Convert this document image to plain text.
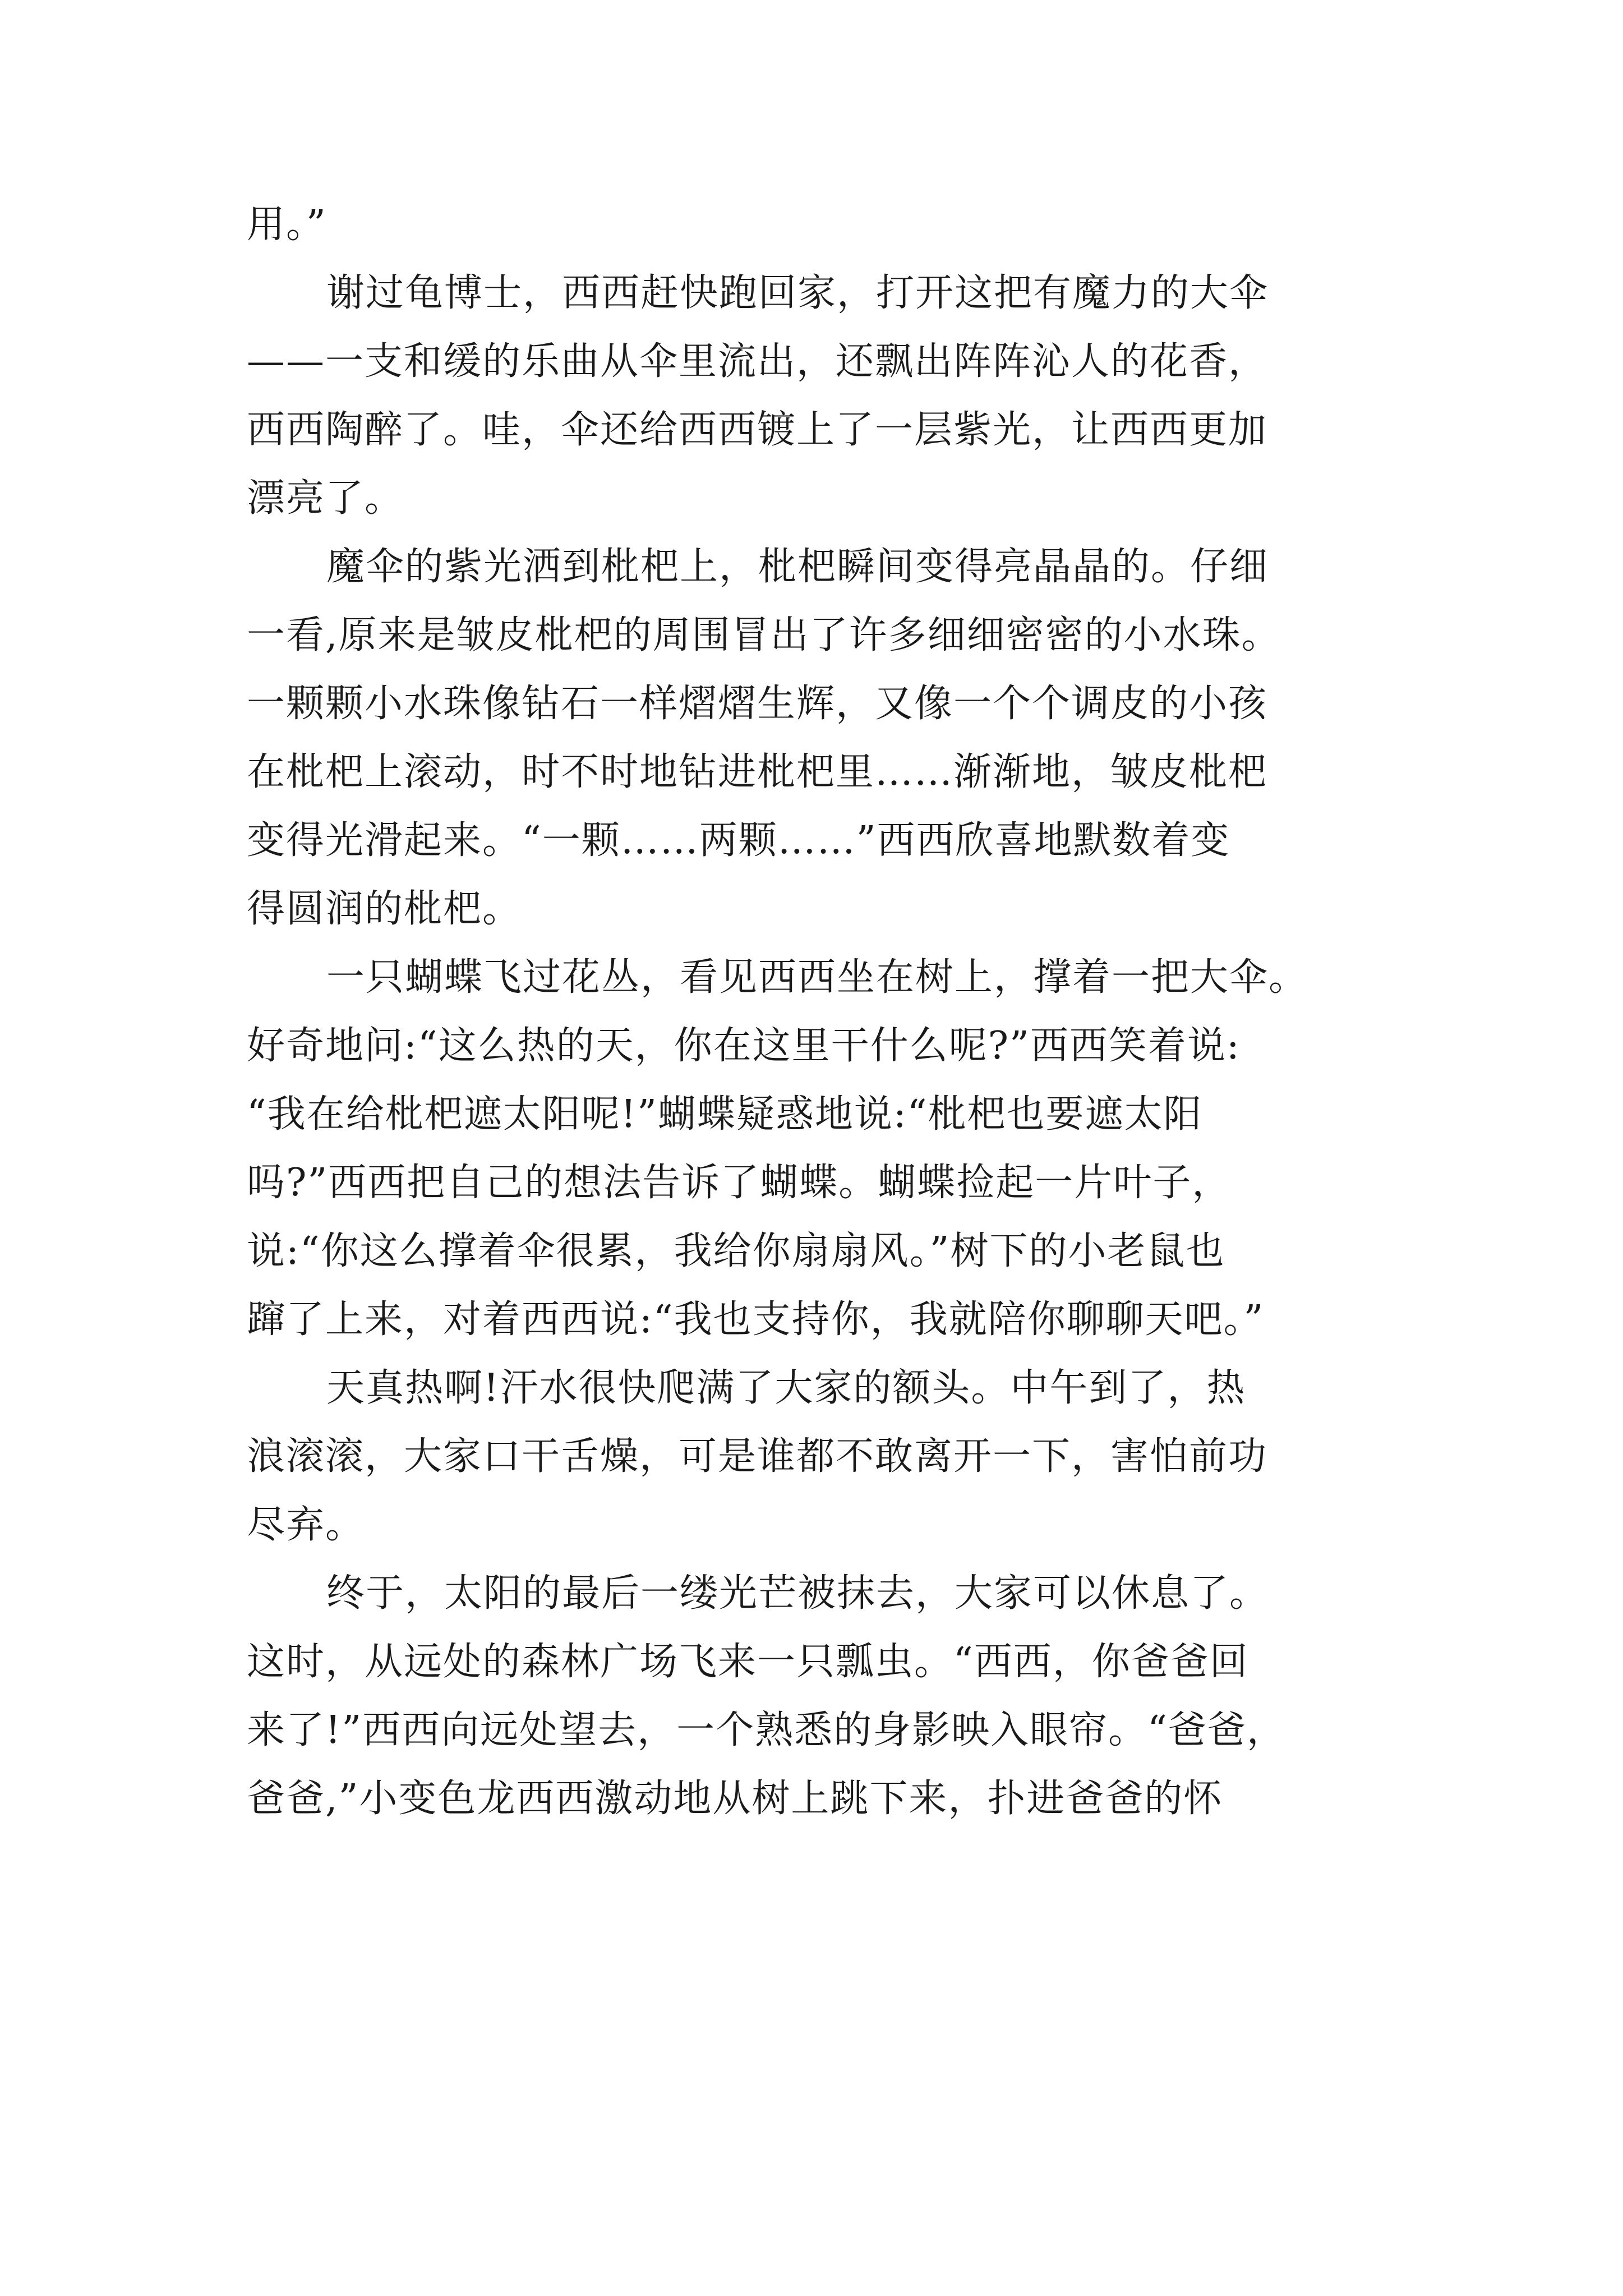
用。”

谢过龟博士，西西赶快跑回家，打开这把有魔力的大伞
——一支和缓的乐曲从伞里流出，还飘出阵阵沁人的花香，
西西陶醉了。哇，伞还给西西镀上了一层紫光，让西西更加
漂亮了。

魔伞的紫光洒到枇杷上，枇杷瞬间变得亮晶晶的。仔细
一看,原来是皱皮枇杷的周围冒出了许多细细密密的小水珠。
一颗颗小水珠像钻石一样熠熠生辉，又像一个个调皮的小孩
在枇杷上滚动，时不时地钻进枇杷里……渐渐地，皱皮枇杷
变得光滑起来。“一颗……两颗……”西西欣喜地默数着变
得圆润的枇杷。

一只蝴蝶飞过花丛，看见西西坐在树上，撑着一把大伞。
好奇地问:“这么热的天，你在这里干什么呢?”西西笑着说:
“我在给枇杷遮太阳呢!”蝴蝶疑惑地说:“枇杷也要遮太阳
吗?”西西把自己的想法告诉了蝴蝶。蝴蝶捡起一片叶子，
说:“你这么撑着伞很累，我给你扇扇风。”树下的小老鼠也
蹿了上来，对着西西说:“我也支持你，我就陪你聊聊天吧。”

天真热啊!汗水很快爬满了大家的额头。中午到了，热
浪滚滚，大家口干舌燥，可是谁都不敢离开一下，害怕前功
尽弃。

终于，太阳的最后一缕光芒被抹去，大家可以休息了。
这时，从远处的森林广场飞来一只瓢虫。“西西，你爸爸回
来了!”西西向远处望去，一个熟悉的身影映入眼帘。“爸爸，
爸爸,”小变色龙西西激动地从树上跳下来，扑进爸爸的怀
